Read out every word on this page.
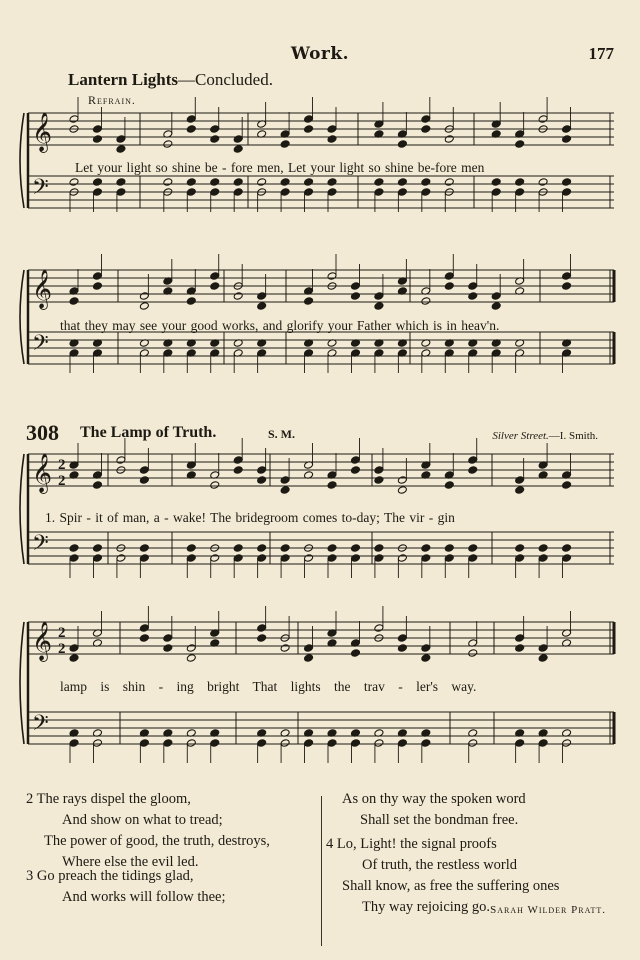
Work.	177
Lantern Lights—Concluded.
Refrain.
𝄞
𝄢
𝄞
𝄢
𝄞
𝄢
2
2
𝄞
𝄢
2
2
Let your light so shine be - fore men, Let your light so shine be-fore men
that they may see your good works, and glorify your Father which is in heav'n.
308 The Lamp of Truth.	S. M.	Silver Street.—I. Smith.
1. Spir - it of man, a - wake! The bridegroom comes to-day; The vir - gin
lamp is shin - ing bright That lights the trav - ler's way.
2 The rays dispel the gloom,
And show on what to tread;
The power of good, the truth, destroys,
Where else the evil led.
3 Go preach the tidings glad,
And works will follow thee;
As on thy way the spoken word
Shall set the bondman free.
4 Lo, Light! the signal proofs
Of truth, the restless world
Shall know, as free the suffering ones
Thy way rejoicing go. Sarah Wilder Pratt.
